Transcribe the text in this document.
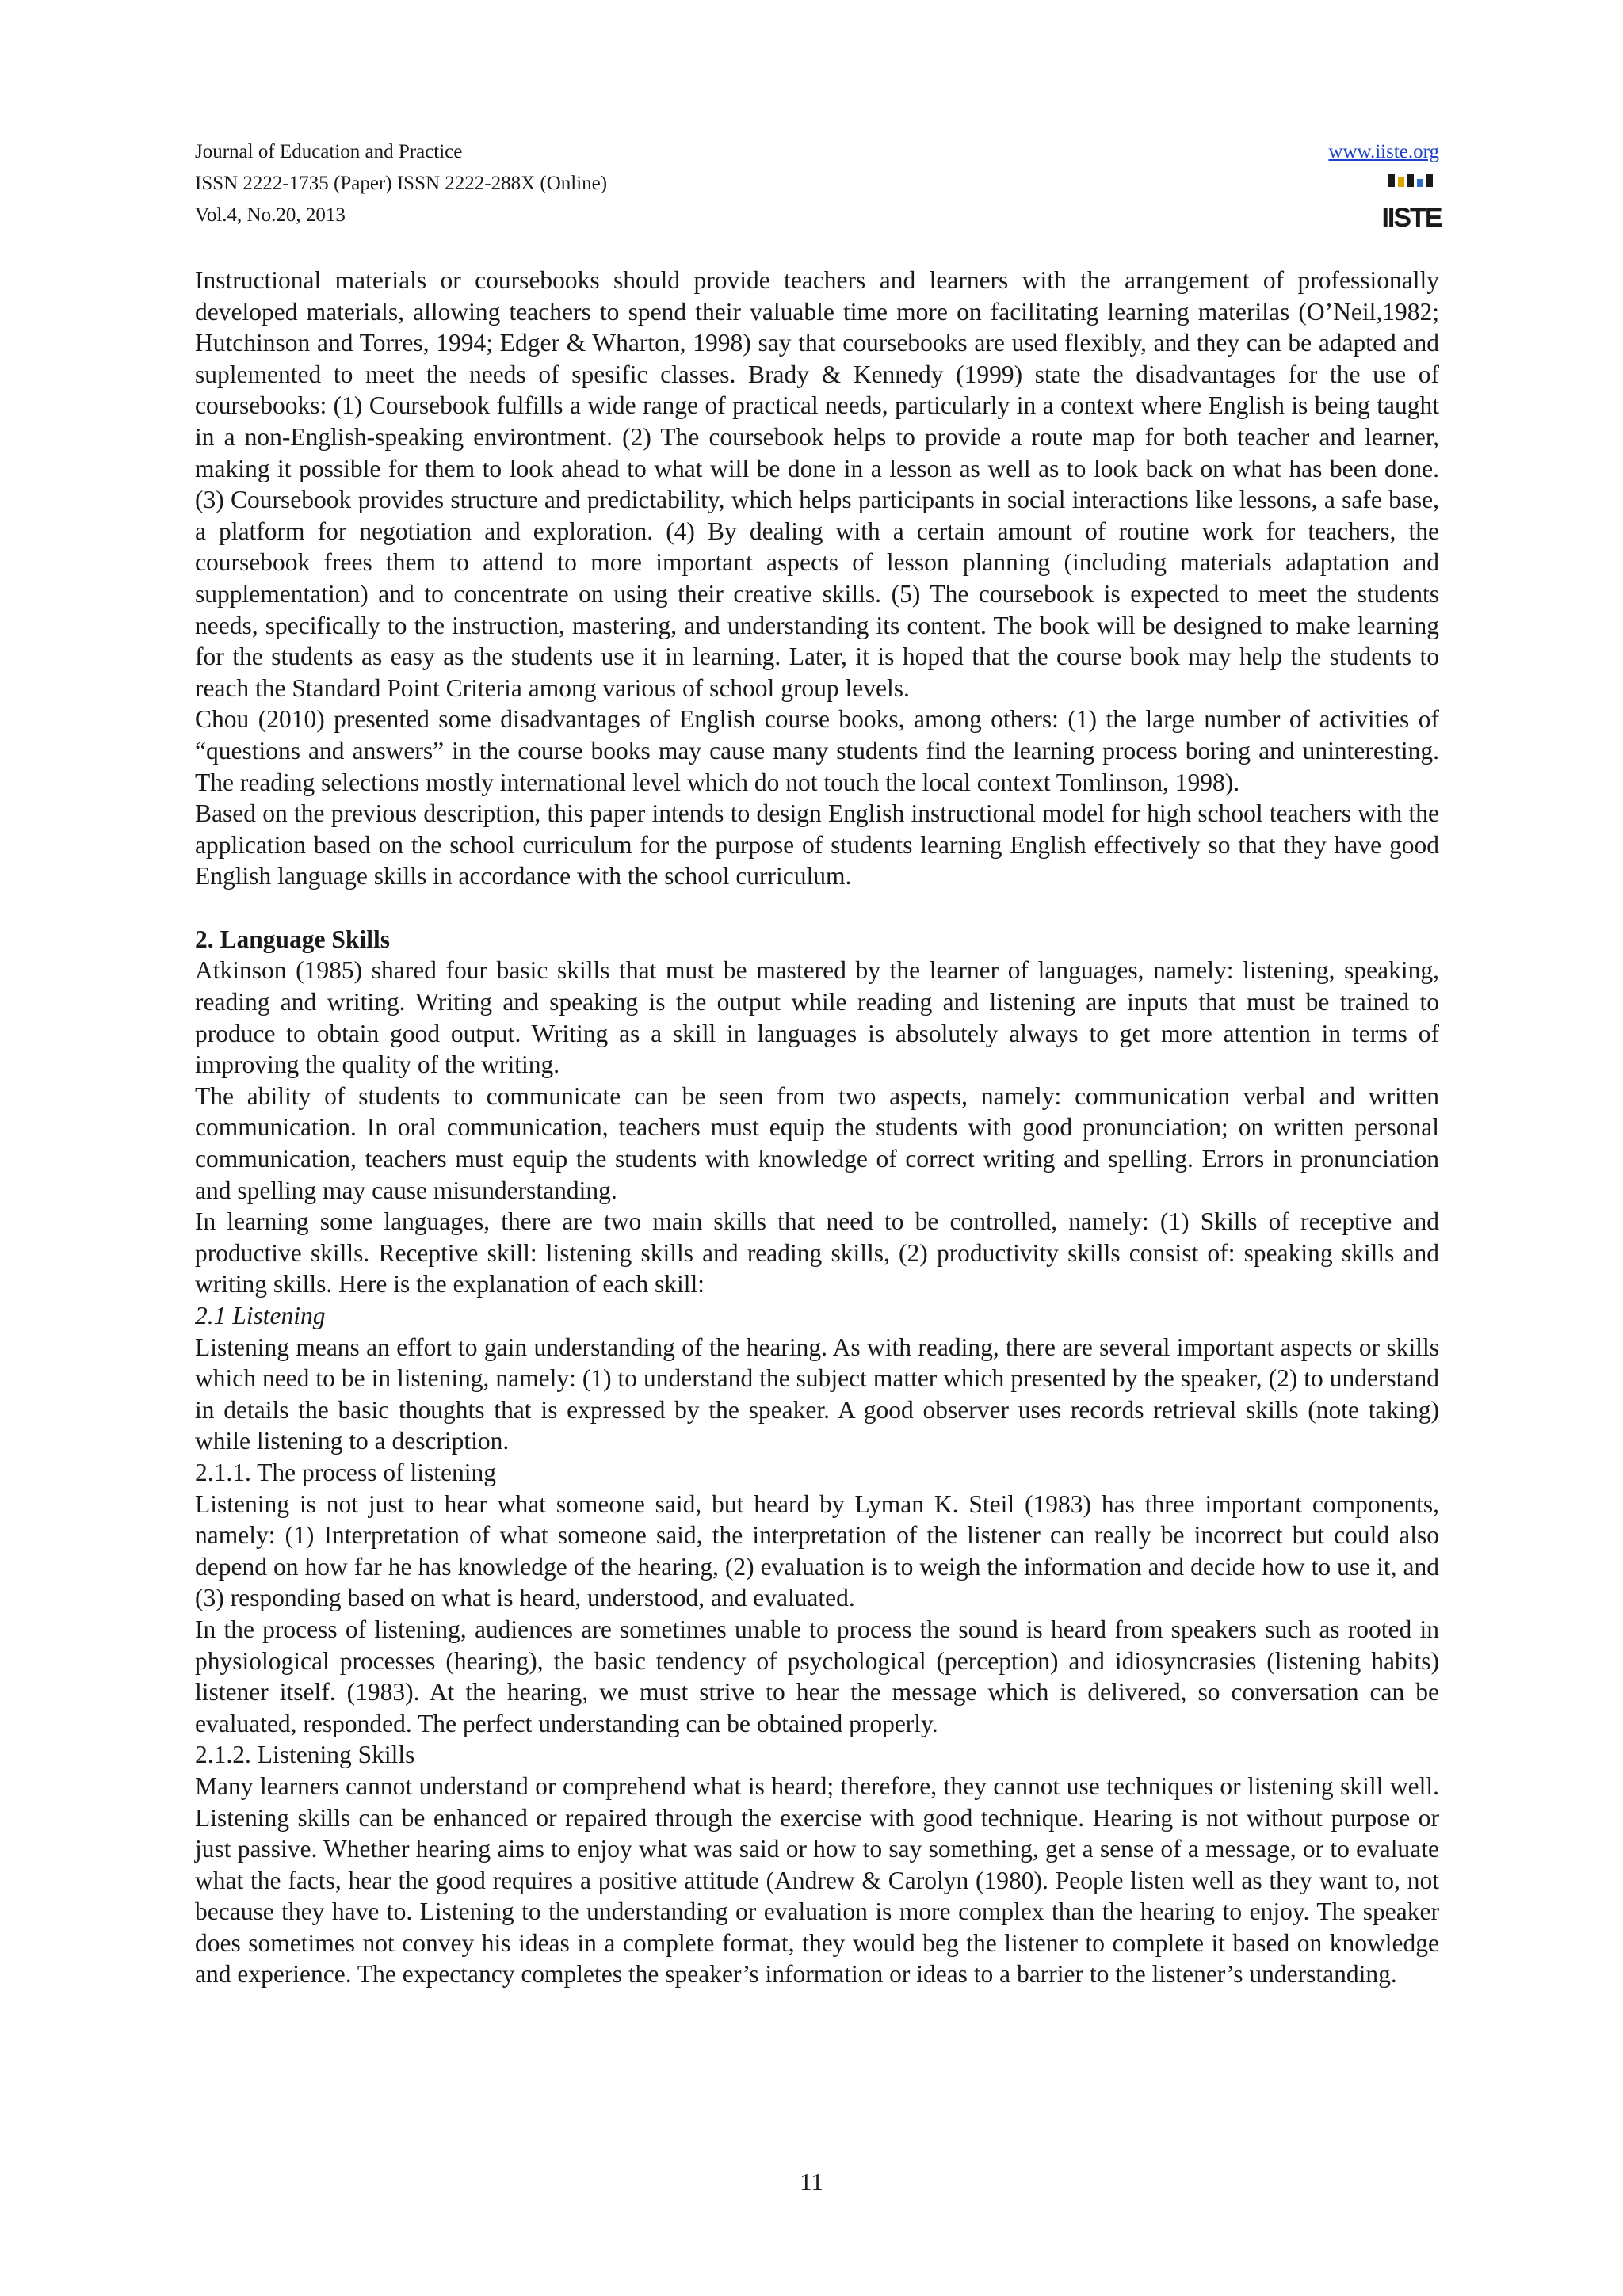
Journal of Education and Practice
ISSN 2222-1735 (Paper) ISSN 2222-288X (Online)
Vol.4, No.20, 2013
www.iiste.org
IISTE

Instructional materials or coursebooks should provide teachers and learners with the arrangement of professionally developed materials, allowing teachers to spend their valuable time more on facilitating learning materilas (O’Neil,1982; Hutchinson and Torres, 1994; Edger & Wharton, 1998) say that coursebooks are used flexibly, and they can be adapted and suplemented to meet the needs of spesific classes. Brady & Kennedy (1999) state the disadvantages for the use of coursebooks: (1) Coursebook fulfills a wide range of practical needs, particularly in a context where English is being taught in a non-English-speaking environtment. (2) The coursebook helps to provide a route map for both teacher and learner, making it possible for them to look ahead to what will be done in a lesson as well as to look back on what has been done. (3) Coursebook provides structure and predictability, which helps participants in social interactions like lessons, a safe base, a platform for negotiation and exploration. (4) By dealing with a certain amount of routine work for teachers, the coursebook frees them to attend to more important aspects of lesson planning (including materials adaptation and supplementation) and to concentrate on using their creative skills. (5) The coursebook is expected to meet the students needs, specifically to the instruction, mastering, and understanding its content. The book will be designed to make learning for the students as easy as the students use it in learning. Later, it is hoped that the course book may help the students to reach the Standard Point Criteria among various of school group levels.

Chou (2010) presented some disadvantages of English course books, among others: (1) the large number of activities of “questions and answers” in the course books may cause many students find the learning process boring and uninteresting. The reading selections mostly international level which do not touch the local context Tomlinson, 1998).

Based on the previous description, this paper intends to design English instructional model for high school teachers with the application based on the school curriculum for the purpose of students learning English effectively so that they have good English language skills in accordance with the school curriculum.

2. Language Skills

Atkinson (1985) shared four basic skills that must be mastered by the learner of languages, namely: listening, speaking, reading and writing. Writing and speaking is the output while reading and listening are inputs that must be trained to produce to obtain good output. Writing as a skill in languages is absolutely always to get more attention in terms of improving the quality of the writing.

The ability of students to communicate can be seen from two aspects, namely: communication verbal and written communication. In oral communication, teachers must equip the students with good pronunciation; on written personal communication, teachers must equip the students with knowledge of correct writing and spelling. Errors in pronunciation and spelling may cause misunderstanding.

In learning some languages, there are two main skills that need to be controlled, namely: (1) Skills of receptive and productive skills. Receptive skill: listening skills and reading skills, (2) productivity skills consist of: speaking skills and writing skills. Here is the explanation of each skill:

2.1 Listening

Listening means an effort to gain understanding of the hearing. As with reading, there are several important aspects or skills which need to be in listening, namely: (1) to understand the subject matter which presented by the speaker, (2) to understand in details the basic thoughts that is expressed by the speaker. A good observer uses records retrieval skills (note taking) while listening to a description.

2.1.1. The process of listening

Listening is not just to hear what someone said, but heard by Lyman K. Steil (1983) has three important components, namely: (1) Interpretation of what someone said, the interpretation of the listener can really be incorrect but could also depend on how far he has knowledge of the hearing, (2) evaluation is to weigh the information and decide how to use it, and (3) responding based on what is heard, understood, and evaluated.

In the process of listening, audiences are sometimes unable to process the sound is heard from speakers such as rooted in physiological processes (hearing), the basic tendency of psychological (perception) and idiosyncrasies (listening habits) listener itself. (1983). At the hearing, we must strive to hear the message which is delivered, so conversation can be evaluated, responded. The perfect understanding can be obtained properly.

2.1.2. Listening Skills

Many learners cannot understand or comprehend what is heard; therefore, they cannot use techniques or listening skill well. Listening skills can be enhanced or repaired through the exercise with good technique. Hearing is not without purpose or just passive. Whether hearing aims to enjoy what was said or how to say something, get a sense of a message, or to evaluate what the facts, hear the good requires a positive attitude (Andrew & Carolyn (1980). People listen well as they want to, not because they have to. Listening to the understanding or evaluation is more complex than the hearing to enjoy. The speaker does sometimes not convey his ideas in a complete format, they would beg the listener to complete it based on knowledge and experience. The expectancy completes the speaker’s information or ideas to a barrier to the listener’s understanding.

11
